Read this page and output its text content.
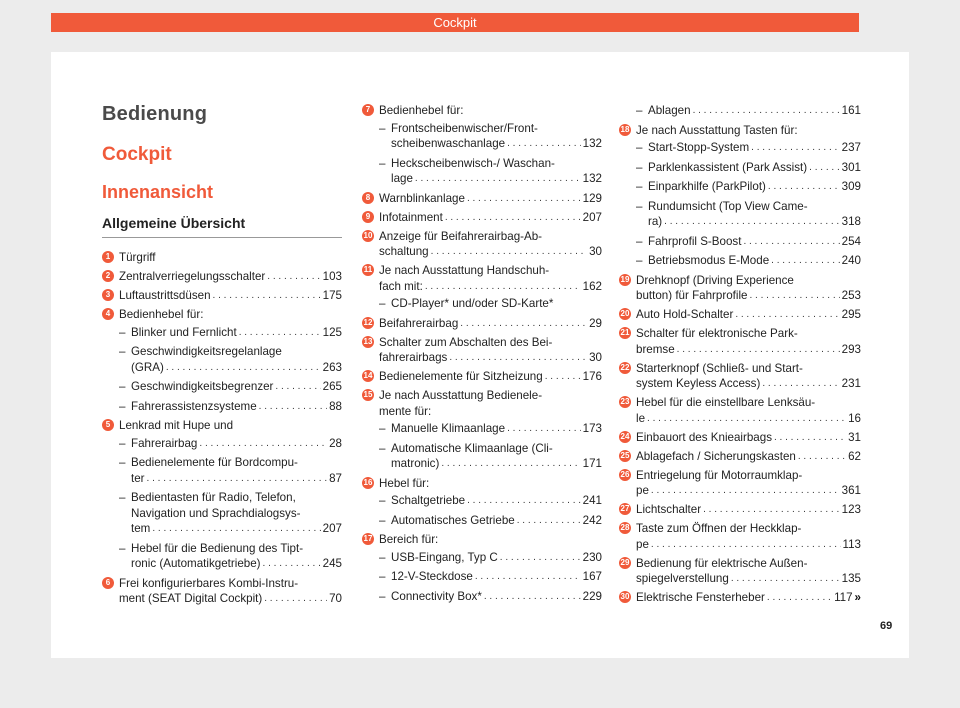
Cockpit
Bedienung
Cockpit
Innenansicht
Allgemeine Übersicht
1 Türgriff
2 Zentralverriegelungsschalter . . .	103
3 Luftaustrittsdüsen . . .	175
4 Bedienhebel für:
– Blinker und Fernlicht . . .	125
– Geschwindigkeitsregelanlage
(GRA) . . .	263
– Geschwindigkeitsbegrenzer . . .	265
– Fahrerassistenzsysteme . . .	88
5 Lenkrad mit Hupe und
– Fahrerairbag . . .	28
– Bedienelemente für Bordcompu-
ter . . .	87
– Bedientasten für Radio, Telefon,
Navigation und Sprachdialogsys-
tem . . .	207
– Hebel für die Bedienung des Tipt-
ronic (Automatikgetriebe) . . .	245
6 Frei konfigurierbares Kombi-Instru-
ment (SEAT Digital Cockpit) . . .	70
7 Bedienhebel für:
– Frontscheibenwischer/Front-
scheibenwaschanlage . . .	132
– Heckscheibenwisch-/ Waschan-
lage . . .	132
8 Warnblinkanlage . . .	129
9 Infotainment . . .	207
10 Anzeige für Beifahrerairbag-Ab-
schaltung . . .	30
11 Je nach Ausstattung Handschuh-
fach mit: . . .	162
– CD-Player* und/oder SD-Karte*
12 Beifahrerairbag . . .	29
13 Schalter zum Abschalten des Bei-
fahrerairbags . . .	30
14 Bedienelemente für Sitzheizung . . .	176
15 Je nach Ausstattung Bedienele-
mente für:
– Manuelle Klimaanlage . . .	173
– Automatische Klimaanlage (Cli-
matronic) . . .	171
16 Hebel für:
– Schaltgetriebe . . .	241
– Automatisches Getriebe . . .	242
17 Bereich für:
– USB-Eingang, Typ C . . .	230
– 12-V-Steckdose . . .	167
– Connectivity Box* . . .	229
– Ablagen . . .	161
18 Je nach Ausstattung Tasten für:
– Start-Stopp-System . . .	237
– Parklenkassistent (Park Assist) . . .	301
– Einparkhilfe (ParkPilot) . . .	309
– Rundumsicht (Top View Came-
ra) . . .	318
– Fahrprofil S-Boost . . .	254
– Betriebsmodus E-Mode . . .	240
19 Drehknopf (Driving Experience
button) für Fahrprofile . . .	253
20 Auto Hold-Schalter . . .	295
21 Schalter für elektronische Park-
bremse . . .	293
22 Starterknopf (Schließ- und Start-
system Keyless Access) . . .	231
23 Hebel für die einstellbare Lenksäu-
le . . .	16
24 Einbauort des Knieairbags . . .	31
25 Ablagefach / Sicherungskasten . . .	62
26 Entriegelung für Motorraumklap-
pe . . .	361
27 Lichtschalter . . .	123
28 Taste zum Öffnen der Heckklap-
pe . . .	113
29 Bedienung für elektrische Außen-
spiegelverstellung . . .	135
30 Elektrische Fensterheber . . .	117 »
69
